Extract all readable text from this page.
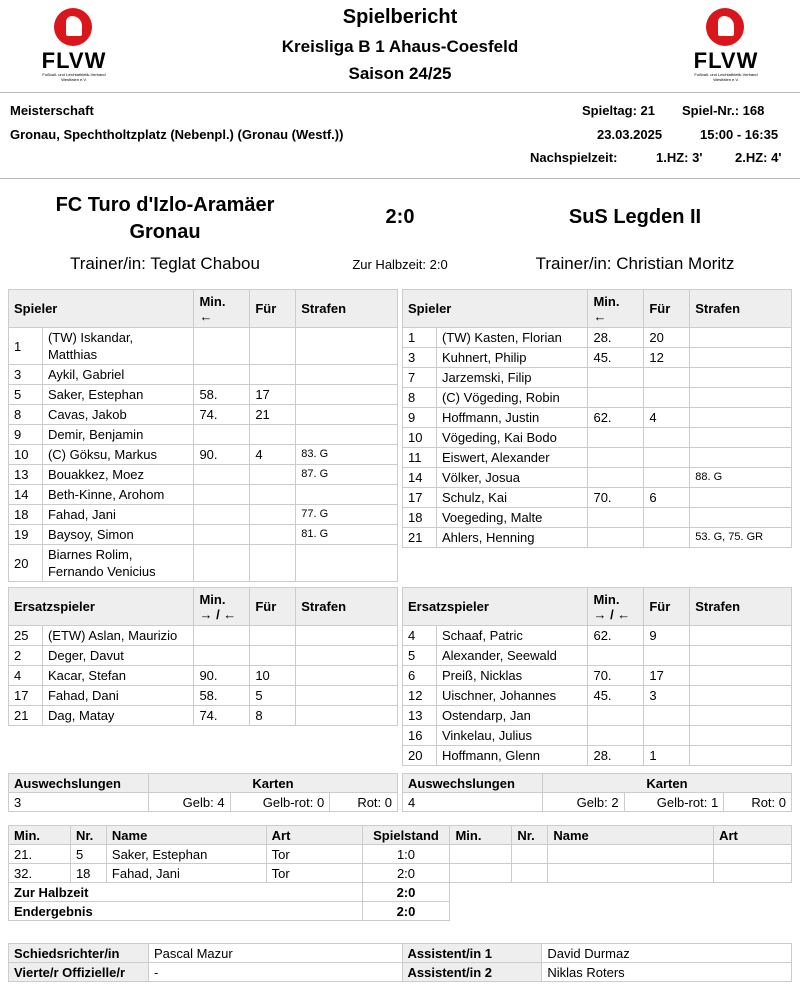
FLVW
Fußball- und Leichtathletik-Verband Westfalen e.V.
FLVW
Fußball- und Leichtathletik-Verband Westfalen e.V.
Spielbericht
Kreisliga B 1 Ahaus-Coesfeld
Saison 24/25
Meisterschaft
Gronau, Spechtholtzplatz (Nebenpl.) (Gronau (Westf.))
Spieltag: 21 Spiel-Nr.: 168
23.03.2025	15:00 - 16:35
Nachspielzeit:	1.HZ: 3'	2.HZ: 4'
FC Turo d'Izlo-Aramäer
Gronau
2:0	SuS Legden II
Trainer/in: Teglat Chabou	Zur Halbzeit: 2:0	Trainer/in: Christian Moritz
Spieler		Min.
←	Für	Strafen
1	(TW) Iskandar,
Matthias			

3	Aykil, Gabriel			

5	Saker, Estephan	58.	17	
8	Cavas, Jakob	74.	21	
9	Demir, Benjamin			

10	(C) Göksu, Markus	90.	4	83. G
13	Bouakkez, Moez			87. G
14	Beth-Kinne, Arohom			

18	Fahad, Jani			77. G
19	Baysoy, Simon			81. G
20	Biarnes Rolim,
Fernando Venicius			

Spieler		Min.
←	Für	Strafen
1	(TW) Kasten, Florian	28.	20	
3	Kuhnert, Philip	45.	12	
7	Jarzemski, Filip			

8	(C) Vögeding, Robin			

9	Hoffmann, Justin	62.	4	
10	Vögeding, Kai Bodo			

11	Eiswert, Alexander			

14	Völker, Josua			88. G
17	Schulz, Kai	70.	6	
18	Voegeding, Malte			

21	Ahlers, Henning			53. G, 75. GR
Ersatzspieler		Min.
→ / ←	Für	Strafen
25	(ETW) Aslan, Maurizio			

2	Deger, Davut			

4	Kacar, Stefan	90.	10	
17	Fahad, Dani	58.	5	
21	Dag, Matay	74.	8	
Ersatzspieler		Min.
→ / ←	Für	Strafen
4	Schaaf, Patric	62.	9	
5	Alexander, Seewald			

6	Preiß, Nicklas	70.	17	
12	Uischner, Johannes	45.	3	
13	Ostendarp, Jan			

16	Vinkelau, Julius			

20	Hoffmann, Glenn	28.	1	
Auswechslungen	Karten		
3	Gelb: 4	Gelb-rot: 0	Rot: 0
Auswechslungen	Karten		
4	Gelb: 2	Gelb-rot: 1	Rot: 0
Min.	Nr.	Name	Art	Spielstand	Min.	Nr.	Name	Art
21.	5	Saker, Estephan	Tor	1:0				
32.	18	Fahad, Jani	Tor	2:0				
Zur Halbzeit				2:0				
Endergebnis				2:0				
Schiedsrichter/in	Pascal Mazur	Assistent/in 1	David Durmaz
Vierte/r Offizielle/r	-	Assistent/in 2	Niklas Roters
